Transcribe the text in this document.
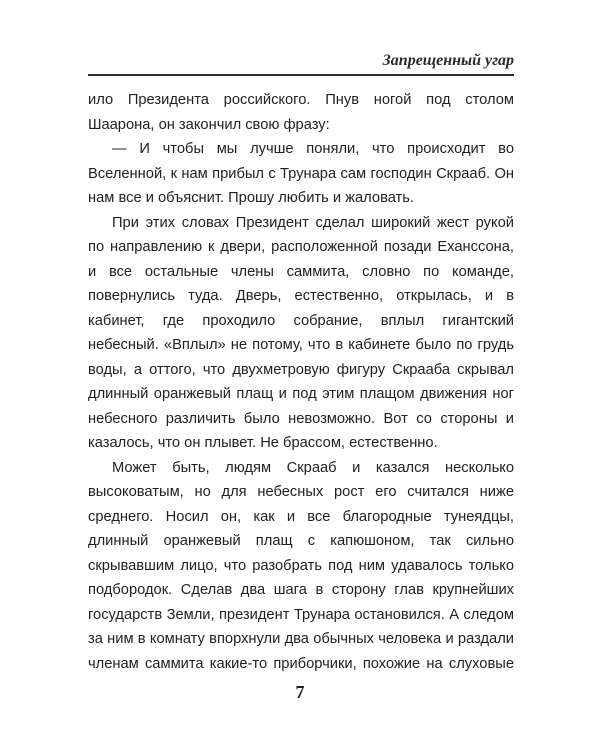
Запрещенный угар

ило Президента российского. Пнув ногой под столом Шаарона, он закончил свою фразу:

— И чтобы мы лучше поняли, что происходит во Вселенной, к нам прибыл с Трунара сам господин Скрааб. Он нам все и объяснит. Прошу любить и жаловать.

При этих словах Президент сделал широкий жест рукой по направлению к двери, расположенной позади Еханссона, и все остальные члены саммита, словно по команде, повернулись туда. Дверь, естественно, открылась, и в кабинет, где проходило собрание, вплыл гигантский небесный. «Вплыл» не потому, что в кабинете было по грудь воды, а оттого, что двухметровую фигуру Скрааба скрывал длинный оранжевый плащ и под этим плащом движения ног небесного различить было невозможно. Вот со стороны и казалось, что он плывет. Не брассом, естественно.

Может быть, людям Скрааб и казался несколько высоковатым, но для небесных рост его считался ниже среднего. Носил он, как и все благородные тунеядцы, длинный оранжевый плащ с капюшоном, так сильно скрывавшим лицо, что разобрать под ним удавалось только подбородок. Сделав два шага в сторону глав крупнейших государств Земли, президент Трунара остановился. А следом за ним в комнату впорхнули два обычных человека и раздали членам саммита какие-то приборчики, похожие на слуховые

7
